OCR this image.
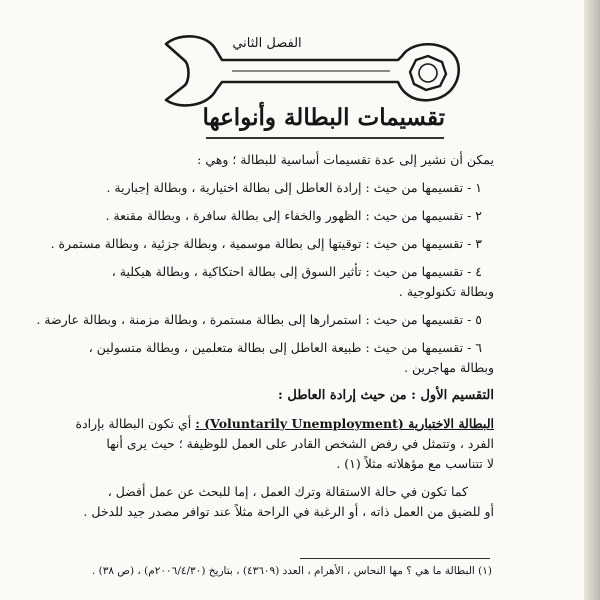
الفصل الثاني
تقسيمات البطالة وأنواعها
يمكن أن نشير إلى عدة تقسيمات أساسية للبطالة ؛ وهي :
١ - تقسيمها من حيث : إرادة العاطل إلى بطالة اختيارية ، وبطالة إجبارية .
٢ - تقسيمها من حيث : الظهور والخفاء إلى بطالة سافرة ، وبطالة مقنعة .
٣ - تقسيمها من حيث : توقيتها إلى بطالة موسمية ، وبطالة جزئية ، وبطالة مستمرة .
٤ - تقسيمها من حيث : تأثير السوق إلى بطالة احتكاكية ، وبطالة هيكلية ،
وبطالة تكنولوجية .
٥ - تقسيمها من حيث : استمرارها إلى بطالة مستمرة ، وبطالة مزمنة ، وبطالة عارضة .
٦ - تقسيمها من حيث : طبيعة العاطل إلى بطالة متعلمين ، وبطالة متسولين ،
وبطالة مهاجرين .
التقسيم الأول : من حيث إرادة العاطل :
البطالة الاختيارية (Voluntarily Unemployment) : أي تكون البطالة بإرادة
الفرد ، وتتمثل في رفض الشخص القادر على العمل للوظيفة ؛ حيث يرى أنها
لا تتناسب مع مؤهلاته مثلاً (١) .
كما تكون في حالة الاستقالة وترك العمل ، إما للبحث عن عمل أفضل ،
أو للضيق من العمل ذاته ، أو الرغبة في الراحة مثلاً عند توافر مصدر جيد للدخل .
(١) البطالة ما هي ؟ مها النحاس ، الأهرام ، العدد (٤٣٦٠٩) ، بتاريخ (٢٠٠٦/٤/٣٠م) ، (ص ٣٨) .
